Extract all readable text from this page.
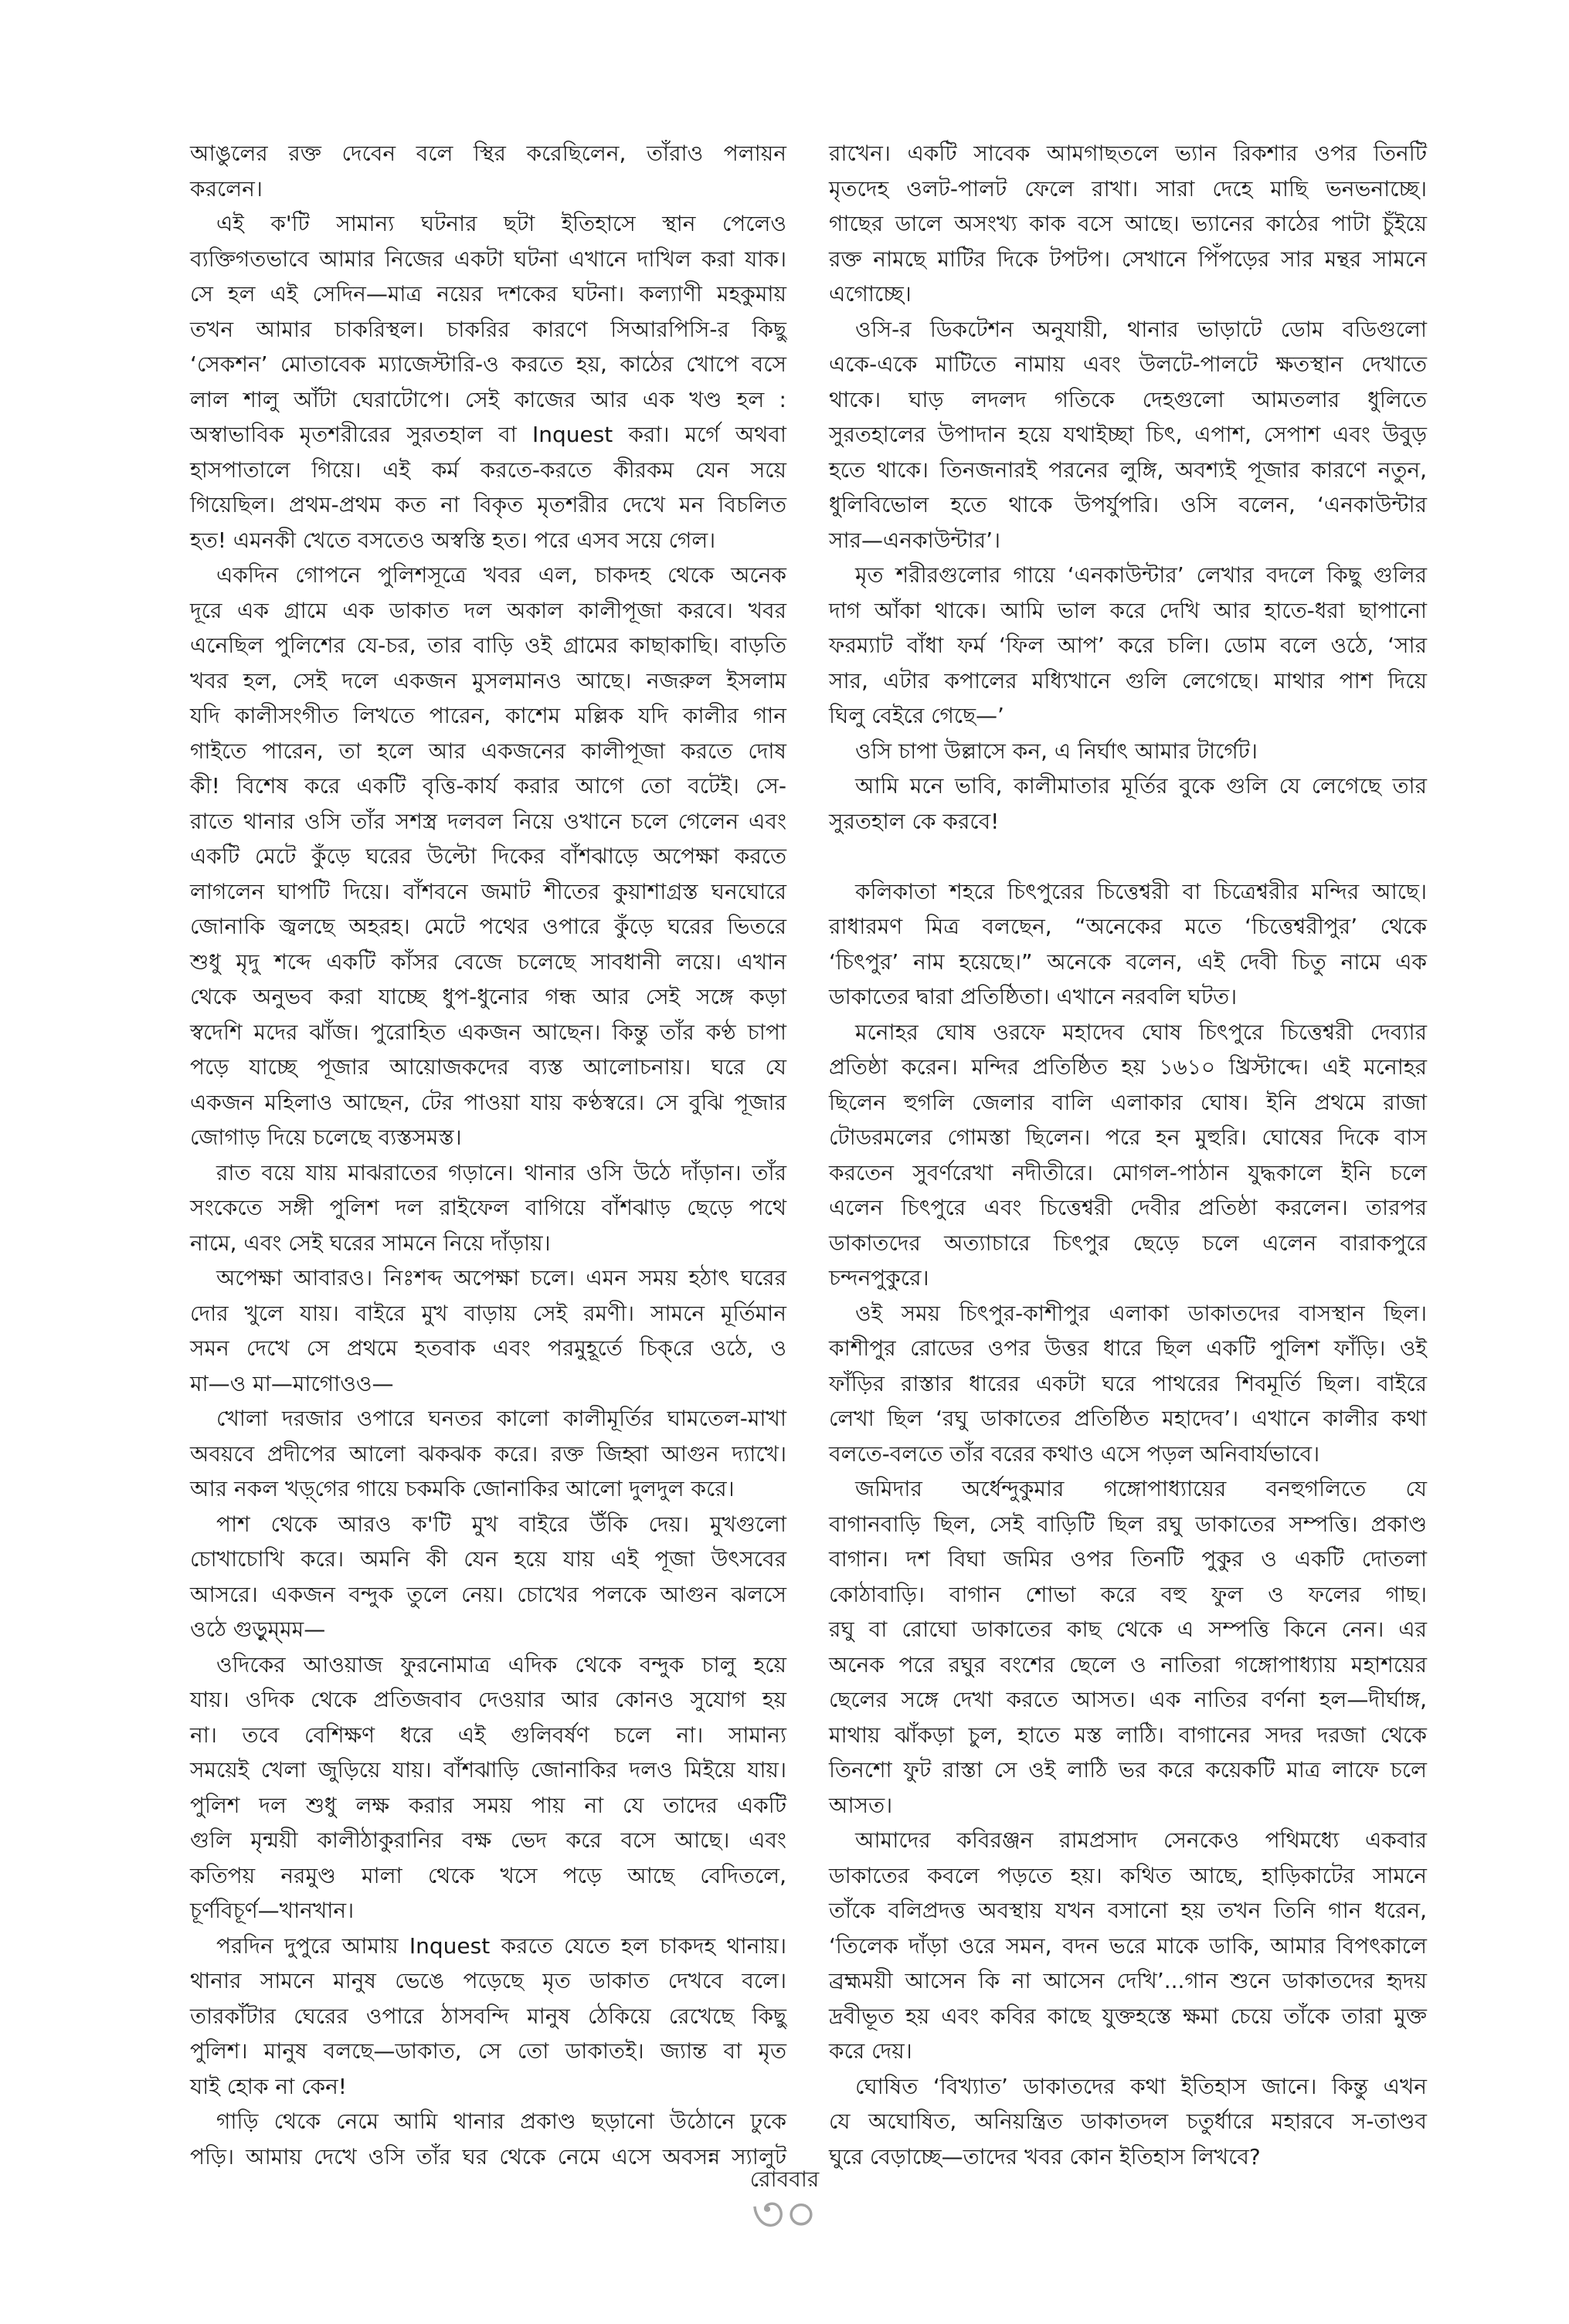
আঙুলের রক্ত দেবেন বলে স্থির করেছিলেন, তাঁরাও পলায়ন
করলেন।
এই ক'টি সামান্য ঘটনার ছটা ইতিহাসে স্থান পেলেও
ব্যক্তিগতভাবে আমার নিজের একটা ঘটনা এখানে দাখিল করা যাক।
সে হল এই সেদিন—মাত্র নয়ের দশকের ঘটনা। কল্যাণী মহকুমায়
তখন আমার চাকরিস্থল। চাকরির কারণে সিআরপিসি-র কিছু
‘সেকশন’ মোতাবেক ম্যাজেস্টারি-ও করতে হয়, কাঠের খোপে বসে
লাল শালু আঁটা ঘেরাটোপে। সেই কাজের আর এক খণ্ড হল :
অস্বাভাবিক মৃতশরীরের সুরতহাল বা Inquest করা। মর্গে অথবা
হাসপাতালে গিয়ে। এই কর্ম করতে-করতে কীরকম যেন সয়ে
গিয়েছিল। প্রথম-প্রথম কত না বিকৃত মৃতশরীর দেখে মন বিচলিত
হত! এমনকী খেতে বসতেও অস্বস্তি হত। পরে এসব সয়ে গেল।
একদিন গোপনে পুলিশসূত্রে খবর এল, চাকদহ থেকে অনেক
দূরে এক গ্রামে এক ডাকাত দল অকাল কালীপূজা করবে। খবর
এনেছিল পুলিশের যে-চর, তার বাড়ি ওই গ্রামের কাছাকাছি। বাড়তি
খবর হল, সেই দলে একজন মুসলমানও আছে। নজরুল ইসলাম
যদি কালীসংগীত লিখতে পারেন, কাশেম মল্লিক যদি কালীর গান
গাইতে পারেন, তা হলে আর একজনের কালীপূজা করতে দোষ
কী! বিশেষ করে একটি বৃত্তি-কার্য করার আগে তো বটেই। সে-
রাতে থানার ওসি তাঁর সশস্ত্র দলবল নিয়ে ওখানে চলে গেলেন এবং
একটি মেটে কুঁড়ে ঘরের উল্টো দিকের বাঁশঝাড়ে অপেক্ষা করতে
লাগলেন ঘাপটি দিয়ে। বাঁশবনে জমাট শীতের কুয়াশাগ্রস্ত ঘনঘোরে
জোনাকি জ্বলছে অহরহ। মেটে পথের ওপারে কুঁড়ে ঘরের ভিতরে
শুধু মৃদু শব্দে একটি কাঁসর বেজে চলেছে সাবধানী লয়ে। এখান
থেকে অনুভব করা যাচ্ছে ধুপ-ধুনোর গন্ধ আর সেই সঙ্গে কড়া
স্বদেশি মদের ঝাঁজ। পুরোহিত একজন আছেন। কিন্তু তাঁর কণ্ঠ চাপা
পড়ে যাচ্ছে পূজার আয়োজকদের ব্যস্ত আলোচনায়। ঘরে যে
একজন মহিলাও আছেন, টের পাওয়া যায় কণ্ঠস্বরে। সে বুঝি পূজার
জোগাড় দিয়ে চলেছে ব্যস্তসমস্ত।
রাত বয়ে যায় মাঝরাতের গড়ানে। থানার ওসি উঠে দাঁড়ান। তাঁর
সংকেতে সঙ্গী পুলিশ দল রাইফেল বাগিয়ে বাঁশঝাড় ছেড়ে পথে
নামে, এবং সেই ঘরের সামনে নিয়ে দাঁড়ায়।
অপেক্ষা আবারও। নিঃশব্দ অপেক্ষা চলে। এমন সময় হঠাৎ ঘরের
দোর খুলে যায়। বাইরে মুখ বাড়ায় সেই রমণী। সামনে মূর্তিমান
সমন দেখে সে প্রথমে হতবাক এবং পরমুহূর্তে চিক্‌রে ওঠে, ও
মা—ও মা—মাগোওও—
খোলা দরজার ওপারে ঘনতর কালো কালীমূর্তির ঘামতেল-মাখা
অবয়বে প্রদীপের আলো ঝকঝক করে। রক্ত জিহ্বা আগুন দ্যাখে।
আর নকল খড়্‌গের গায়ে চকমকি জোনাকির আলো দুলদুল করে।
পাশ থেকে আরও ক'টি মুখ বাইরে উঁকি দেয়। মুখগুলো
চোখাচোখি করে। অমনি কী যেন হয়ে যায় এই পূজা উৎসবের
আসরে। একজন বন্দুক তুলে নেয়। চোখের পলকে আগুন ঝলসে
ওঠে গুড়ুম্‌মম—
ওদিকের আওয়াজ ফুরনোমাত্র এদিক থেকে বন্দুক চালু হয়ে
যায়। ওদিক থেকে প্রতিজবাব দেওয়ার আর কোনও সুযোগ হয়
না। তবে বেশিক্ষণ ধরে এই গুলিবর্ষণ চলে না। সামান্য
সময়েই খেলা জুড়িয়ে যায়। বাঁশঝাড়ি জোনাকির দলও মিইয়ে যায়।
পুলিশ দল শুধু লক্ষ করার সময় পায় না যে তাদের একটি
গুলি মৃন্ময়ী কালীঠাকুরানির বক্ষ ভেদ করে বসে আছে। এবং
কতিপয় নরমুণ্ড মালা থেকে খসে পড়ে আছে বেদিতলে,
চূর্ণবিচূর্ণ—খানখান।
পরদিন দুপুরে আমায় Inquest করতে যেতে হল চাকদহ থানায়।
থানার সামনে মানুষ ভেঙে পড়েছে মৃত ডাকাত দেখবে বলে।
তারকাঁটার ঘেরের ওপারে ঠাসবন্দি মানুষ ঠেকিয়ে রেখেছে কিছু
পুলিশ। মানুষ বলছে—ডাকাত, সে তো ডাকাতই। জ্যান্ত বা মৃত
যাই হোক না কেন!
গাড়ি থেকে নেমে আমি থানার প্রকাণ্ড ছড়ানো উঠোনে ঢুকে
পড়ি। আমায় দেখে ওসি তাঁর ঘর থেকে নেমে এসে অবসন্ন স্যালুট
রাখেন। একটি সাবেক আমগাছতলে ভ্যান রিকশার ওপর তিনটি
মৃতদেহ ওলট-পালট ফেলে রাখা। সারা দেহে মাছি ভনভনাচ্ছে।
গাছের ডালে অসংখ্য কাক বসে আছে। ভ্যানের কাঠের পাটা চুঁইয়ে
রক্ত নামছে মাটির দিকে টপটপ। সেখানে পিঁপড়ের সার মন্থর সামনে
এগোচ্ছে।
ওসি-র ডিকটেশন অনুযায়ী, থানার ভাড়াটে ডোম বডিগুলো
একে-একে মাটিতে নামায় এবং উলটে-পালটে ক্ষতস্থান দেখাতে
থাকে। ঘাড় লদলদ গতিকে দেহগুলো আমতলার ধুলিতে
সুরতহালের উপাদান হয়ে যথাইচ্ছা চিৎ, এপাশ, সেপাশ এবং উবুড়
হতে থাকে। তিনজনারই পরনের লুঙ্গি, অবশ্যই পূজার কারণে নতুন,
ধুলিবিভোল হতে থাকে উপর্যুপরি। ওসি বলেন, ‘এনকাউন্টার
সার—এনকাউন্টার’।
মৃত শরীরগুলোর গায়ে ‘এনকাউন্টার’ লেখার বদলে কিছু গুলির
দাগ আঁকা থাকে। আমি ভাল করে দেখি আর হাতে-ধরা ছাপানো
ফরম্যাট বাঁধা ফর্ম ‘ফিল আপ’ করে চলি। ডোম বলে ওঠে, ‘সার
সার, এটার কপালের মধ্যিখানে গুলি লেগেছে। মাথার পাশ দিয়ে
ঘিলু বেইরে গেছে—’
ওসি চাপা উল্লাসে কন, এ নির্ঘাৎ আমার টার্গেট।
আমি মনে ভাবি, কালীমাতার মূর্তির বুকে গুলি যে লেগেছে তার
সুরতহাল কে করবে!
কলিকাতা শহরে চিৎপুরের চিত্তেশ্বরী বা চিত্রেশ্বরীর মন্দির আছে।
রাধারমণ মিত্র বলছেন, “অনেকের মতে ‘চিত্তেশ্বরীপুর’ থেকে
‘চিৎপুর’ নাম হয়েছে।” অনেকে বলেন, এই দেবী চিতু নামে এক
ডাকাতের দ্বারা প্রতিষ্ঠিতা। এখানে নরবলি ঘটত।
মনোহর ঘোষ ওরফে মহাদেব ঘোষ চিৎপুরে চিত্তেশ্বরী দেব্যার
প্রতিষ্ঠা করেন। মন্দির প্রতিষ্ঠিত হয় ১৬১০ খ্রিস্টাব্দে। এই মনোহর
ছিলেন হুগলি জেলার বালি এলাকার ঘোষ। ইনি প্রথমে রাজা
টোডরমলের গোমস্তা ছিলেন। পরে হন মুহুরি। ঘোষের দিকে বাস
করতেন সুবর্ণরেখা নদীতীরে। মোগল-পাঠান যুদ্ধকালে ইনি চলে
এলেন চিৎপুরে এবং চিত্তেশ্বরী দেবীর প্রতিষ্ঠা করলেন। তারপর
ডাকাতদের অত্যাচারে চিৎপুর ছেড়ে চলে এলেন বারাকপুরে
চন্দনপুকুরে।
ওই সময় চিৎপুর-কাশীপুর এলাকা ডাকাতদের বাসস্থান ছিল।
কাশীপুর রোডের ওপর উত্তর ধারে ছিল একটি পুলিশ ফাঁড়ি। ওই
ফাঁড়ির রাস্তার ধারের একটা ঘরে পাথরের শিবমূর্তি ছিল। বাইরে
লেখা ছিল ‘রঘু ডাকাতের প্রতিষ্ঠিত মহাদেব’। এখানে কালীর কথা
বলতে-বলতে তাঁর বরের কথাও এসে পড়ল অনিবার্যভাবে।
জমিদার অর্ধেন্দুকুমার গঙ্গোপাধ্যায়ের বনহুগলিতে যে
বাগানবাড়ি ছিল, সেই বাড়িটি ছিল রঘু ডাকাতের সম্পত্তি। প্রকাণ্ড
বাগান। দশ বিঘা জমির ওপর তিনটি পুকুর ও একটি দোতলা
কোঠাবাড়ি। বাগান শোভা করে বহু ফুল ও ফলের গাছ।
রঘু বা রোঘো ডাকাতের কাছ থেকে এ সম্পত্তি কিনে নেন। এর
অনেক পরে রঘুর বংশের ছেলে ও নাতিরা গঙ্গোপাধ্যায় মহাশয়ের
ছেলের সঙ্গে দেখা করতে আসত। এক নাতির বর্ণনা হল—দীর্ঘাঙ্গ,
মাথায় ঝাঁকড়া চুল, হাতে মস্ত লাঠি। বাগানের সদর দরজা থেকে
তিনশো ফুট রাস্তা সে ওই লাঠি ভর করে কয়েকটি মাত্র লাফে চলে
আসত।
আমাদের কবিরঞ্জন রামপ্রসাদ সেনকেও পথিমধ্যে একবার
ডাকাতের কবলে পড়তে হয়। কথিত আছে, হাড়িকাটের সামনে
তাঁকে বলিপ্রদত্ত অবস্থায় যখন বসানো হয় তখন তিনি গান ধরেন,
‘তিলেক দাঁড়া ওরে সমন, বদন ভরে মাকে ডাকি, আমার বিপৎকালে
ব্রহ্মময়ী আসেন কি না আসেন দেখি’...গান শুনে ডাকাতদের হৃদয়
দ্রবীভূত হয় এবং কবির কাছে যুক্তহস্তে ক্ষমা চেয়ে তাঁকে তারা মুক্ত
করে দেয়।
ঘোষিত ‘বিখ্যাত’ ডাকাতদের কথা ইতিহাস জানে। কিন্তু এখন
যে অঘোষিত, অনিয়ন্ত্রিত ডাকাতদল চতুর্ধারে মহারবে স-তাণ্ডব
ঘুরে বেড়াচ্ছে—তাদের খবর কোন ইতিহাস লিখবে?
রোববার
৩০
